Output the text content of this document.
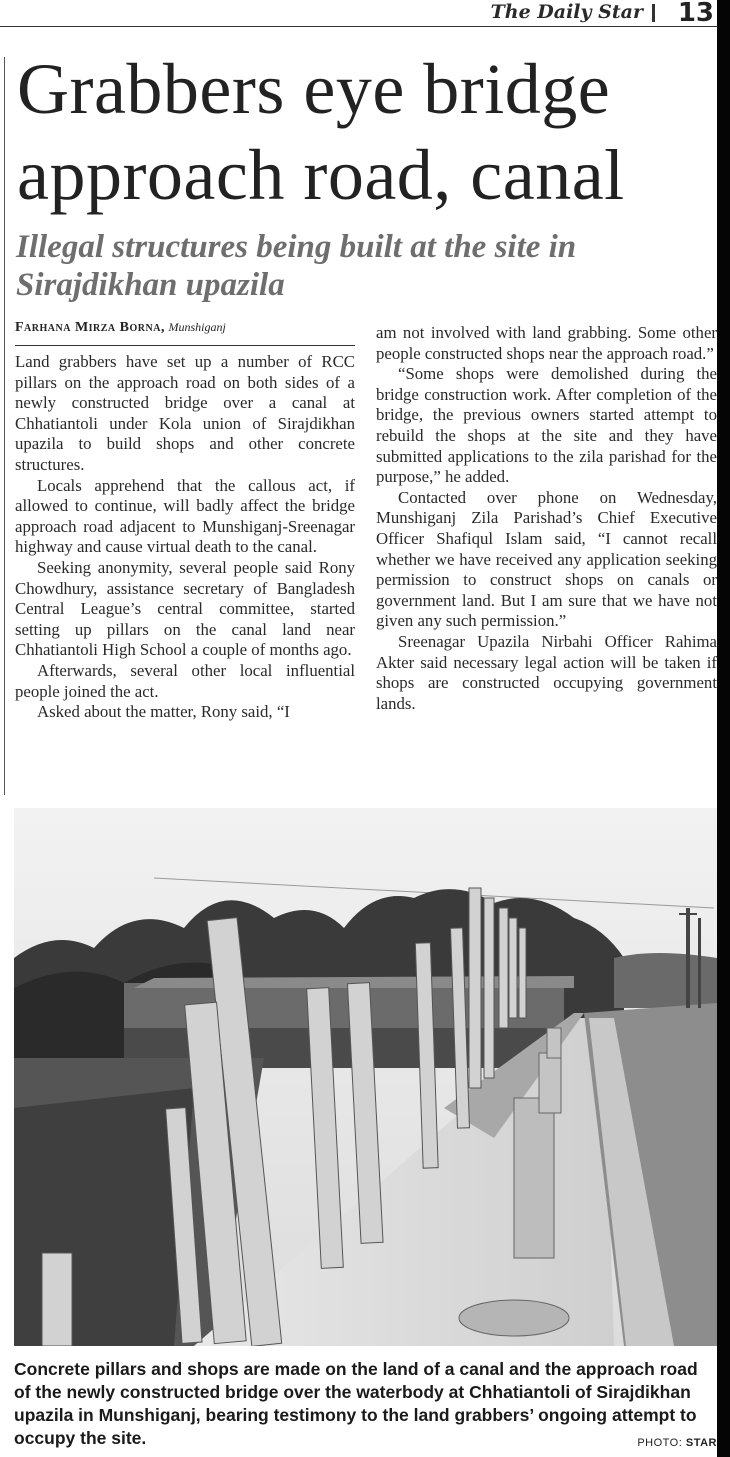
The Daily Star 13
Grabbers eye bridge
approach road, canal
Illegal structures being built at the site in
Sirajdikhan upazila
Farhana Mirza Borna, Munshiganj

Land grabbers have set up a number of RCC pillars on the approach road on both sides of a newly constructed bridge over a canal at Chhatiantoli under Kola union of Sirajdikhan upazila to build shops and other concrete structures.

Locals apprehend that the callous act, if allowed to continue, will badly affect the bridge approach road adjacent to Munshiganj-Sreenagar highway and cause virtual death to the canal.

Seeking anonymity, several people said Rony Chowdhury, assistance secretary of Bangladesh Central League’s central committee, started setting up pillars on the canal land near Chhatiantoli High School a couple of months ago.

Afterwards, several other local influential people joined the act.

Asked about the matter, Rony said, “I

am not involved with land grabbing. Some other people constructed shops near the approach road.”

“Some shops were demolished during the bridge construction work. After completion of the bridge, the previous owners started attempt to rebuild the shops at the site and they have submitted applications to the zila parishad for the purpose,” he added.

Contacted over phone on Wednesday, Munshiganj Zila Parishad’s Chief Executive Officer Shafiqul Islam said, “I cannot recall whether we have received any application seeking permission to construct shops on canals or government land. But I am sure that we have not given any such permission.”

Sreenagar Upazila Nirbahi Officer Rahima Akter said necessary legal action will be taken if shops are constructed occupying government lands.

Concrete pillars and shops are made on the land of a canal and the approach road of the newly constructed bridge over the waterbody at Chhatiantoli of Sirajdikhan upazila in Munshiganj, bearing testimony to the land grabbers’ ongoing attempt to occupy the site.	PHOTO: STAR
